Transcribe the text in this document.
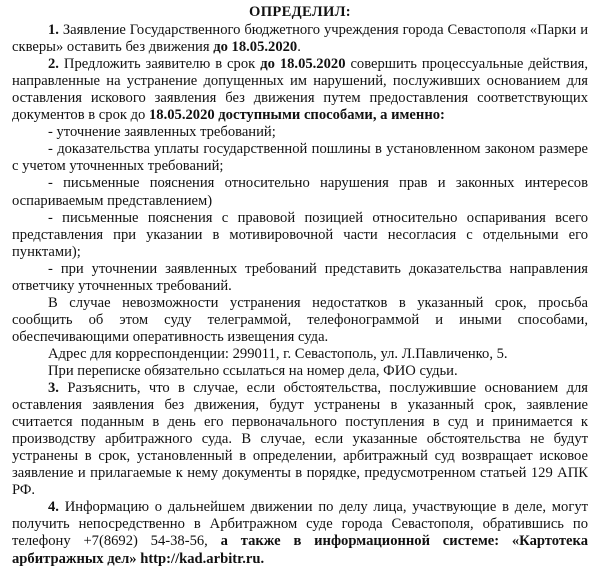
ОПРЕДЕЛИЛ:

1. Заявление Государственного бюджетного учреждения города Севастополя «Парки и скверы» оставить без движения до 18.05.2020.

2. Предложить заявителю в срок до 18.05.2020 совершить процессуальные действия, направленные на устранение допущенных им нарушений, послуживших основанием для оставления искового заявления без движения путем предоставления соответствующих документов в срок до 18.05.2020 доступными способами, а именно:

- уточнение заявленных требований;

- доказательства уплаты государственной пошлины в установленном законом размере с учетом уточненных требований;

- письменные пояснения относительно нарушения прав и законных интересов оспариваемым представлением)

- письменные пояснения с правовой позицией относительно оспаривания всего представления при указании в мотивировочной части несогласия с отдельными его пунктами);

- при уточнении заявленных требований представить доказательства направления ответчику уточненных требований.

В случае невозможности устранения недостатков в указанный срок, просьба сообщить об этом суду телеграммой, телефонограммой и иными способами, обеспечивающими оперативность извещения суда.

Адрес для корреспонденции: 299011, г. Севастополь, ул. Л.Павличенко, 5.

При переписке обязательно ссылаться на номер дела, ФИО судьи.

3. Разъяснить, что в случае, если обстоятельства, послужившие основанием для оставления заявления без движения, будут устранены в указанный срок, заявление считается поданным в день его первоначального поступления в суд и принимается к производству арбитражного суда. В случае, если указанные обстоятельства не будут устранены в срок, установленный в определении, арбитражный суд возвращает исковое заявление и прилагаемые к нему документы в порядке, предусмотренном статьей 129 АПК РФ.

4. Информацию о дальнейшем движении по делу лица, участвующие в деле, могут получить непосредственно в Арбитражном суде города Севастополя, обратившись по телефону +7(8692) 54-38-56, а также в информационной системе: «Картотека арбитражных дел» http://kad.arbitr.ru.
